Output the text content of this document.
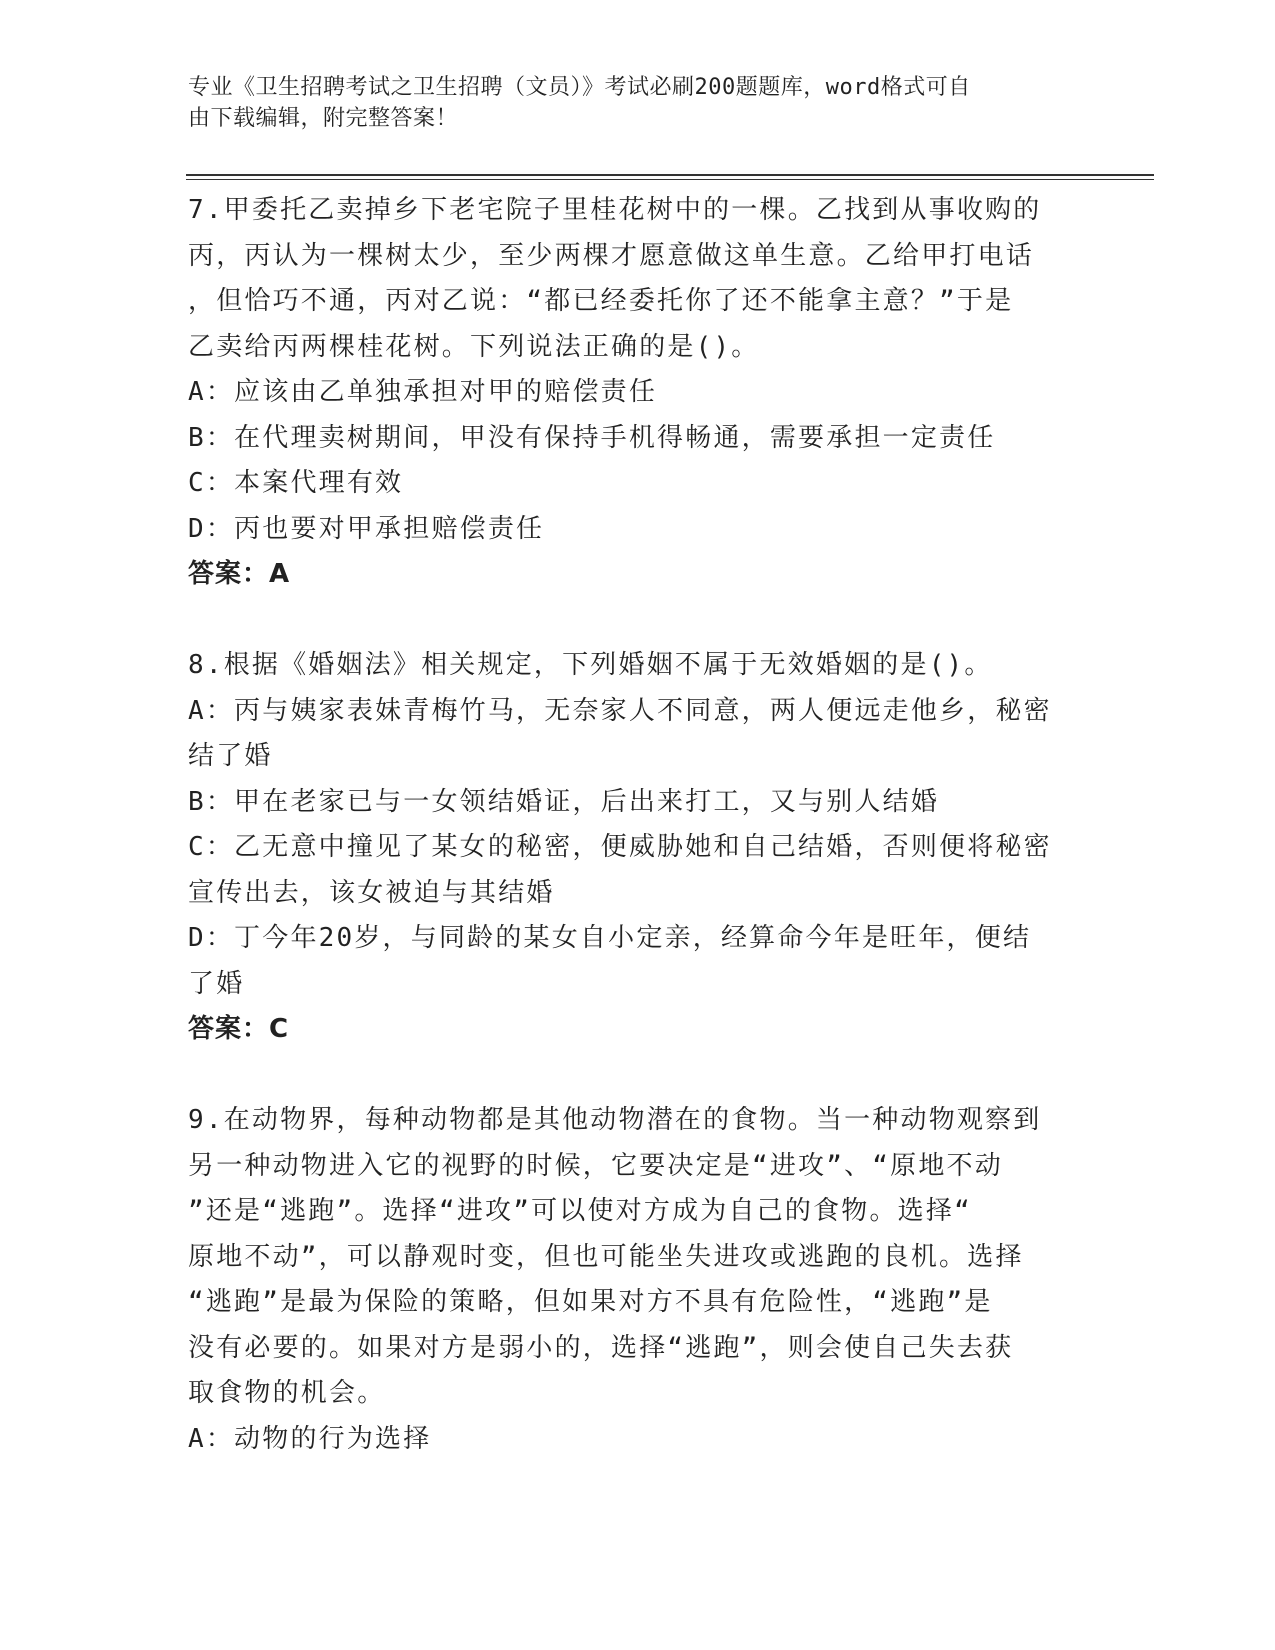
专业《卫生招聘考试之卫生招聘（文员）》考试必刷200题题库，word格式可自
由下载编辑，附完整答案！
7.甲委托乙卖掉乡下老宅院子里桂花树中的一棵。乙找到从事收购的
丙，丙认为一棵树太少，至少两棵才愿意做这单生意。乙给甲打电话
，但恰巧不通，丙对乙说：“都已经委托你了还不能拿主意？”于是
乙卖给丙两棵桂花树。下列说法正确的是()。
A：应该由乙单独承担对甲的赔偿责任
B：在代理卖树期间，甲没有保持手机得畅通，需要承担一定责任
C：本案代理有效
D：丙也要对甲承担赔偿责任
答案：A
8.根据《婚姻法》相关规定，下列婚姻不属于无效婚姻的是()。
A：丙与姨家表妹青梅竹马，无奈家人不同意，两人便远走他乡，秘密
结了婚
B：甲在老家已与一女领结婚证，后出来打工，又与别人结婚
C：乙无意中撞见了某女的秘密，便威胁她和自己结婚，否则便将秘密
宣传出去，该女被迫与其结婚
D：丁今年20岁，与同龄的某女自小定亲，经算命今年是旺年，便结
了婚
答案：C
9.在动物界，每种动物都是其他动物潜在的食物。当一种动物观察到
另一种动物进入它的视野的时候，它要决定是“进攻”、“原地不动
”还是“逃跑”。选择“进攻”可以使对方成为自己的食物。选择“
原地不动”，可以静观时变，但也可能坐失进攻或逃跑的良机。选择
“逃跑”是最为保险的策略，但如果对方不具有危险性，“逃跑”是
没有必要的。如果对方是弱小的，选择“逃跑”，则会使自己失去获
取食物的机会。
A：动物的行为选择
